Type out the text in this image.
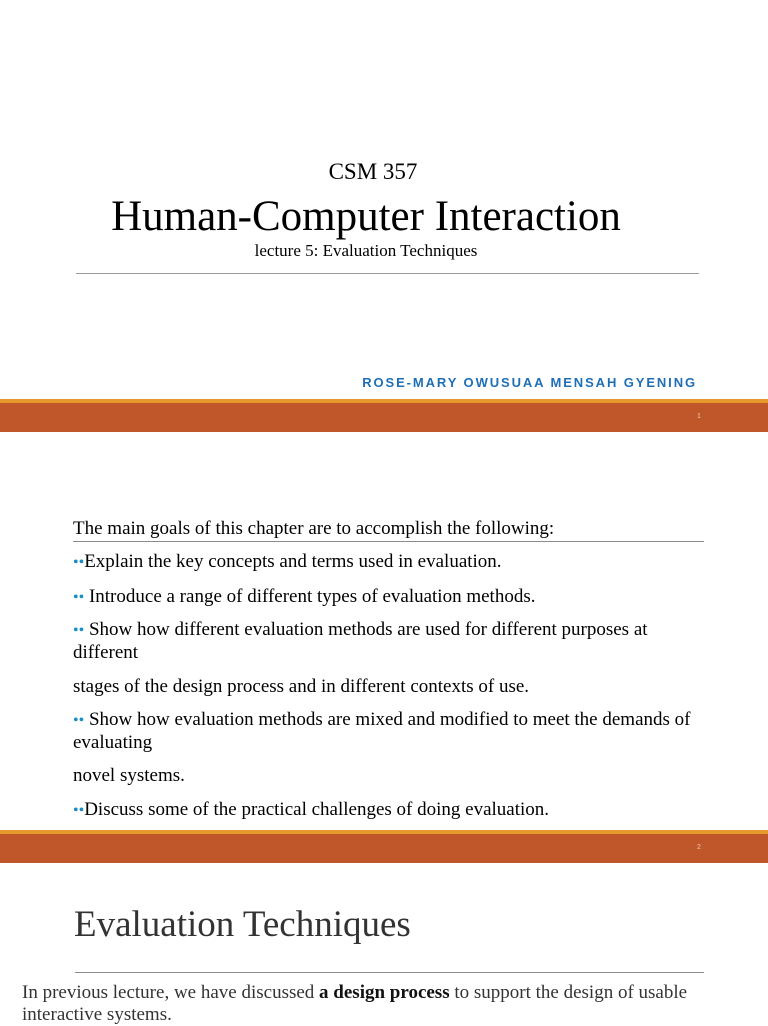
CSM 357
Human-Computer Interaction
lecture 5: Evaluation Techniques
ROSE-MARY OWUSUAA MENSAH GYENING
1
The main goals of this chapter are to accomplish the following:
••Explain the key concepts and terms used in evaluation.
•• Introduce a range of different types of evaluation methods.
•• Show how different evaluation methods are used for different purposes at different
stages of the design process and in different contexts of use.
•• Show how evaluation methods are mixed and modified to meet the demands of evaluating
novel systems.
••Discuss some of the practical challenges of doing evaluation.
2
Evaluation Techniques
In previous lecture, we have discussed a design process to support the design of usable interactive systems.
